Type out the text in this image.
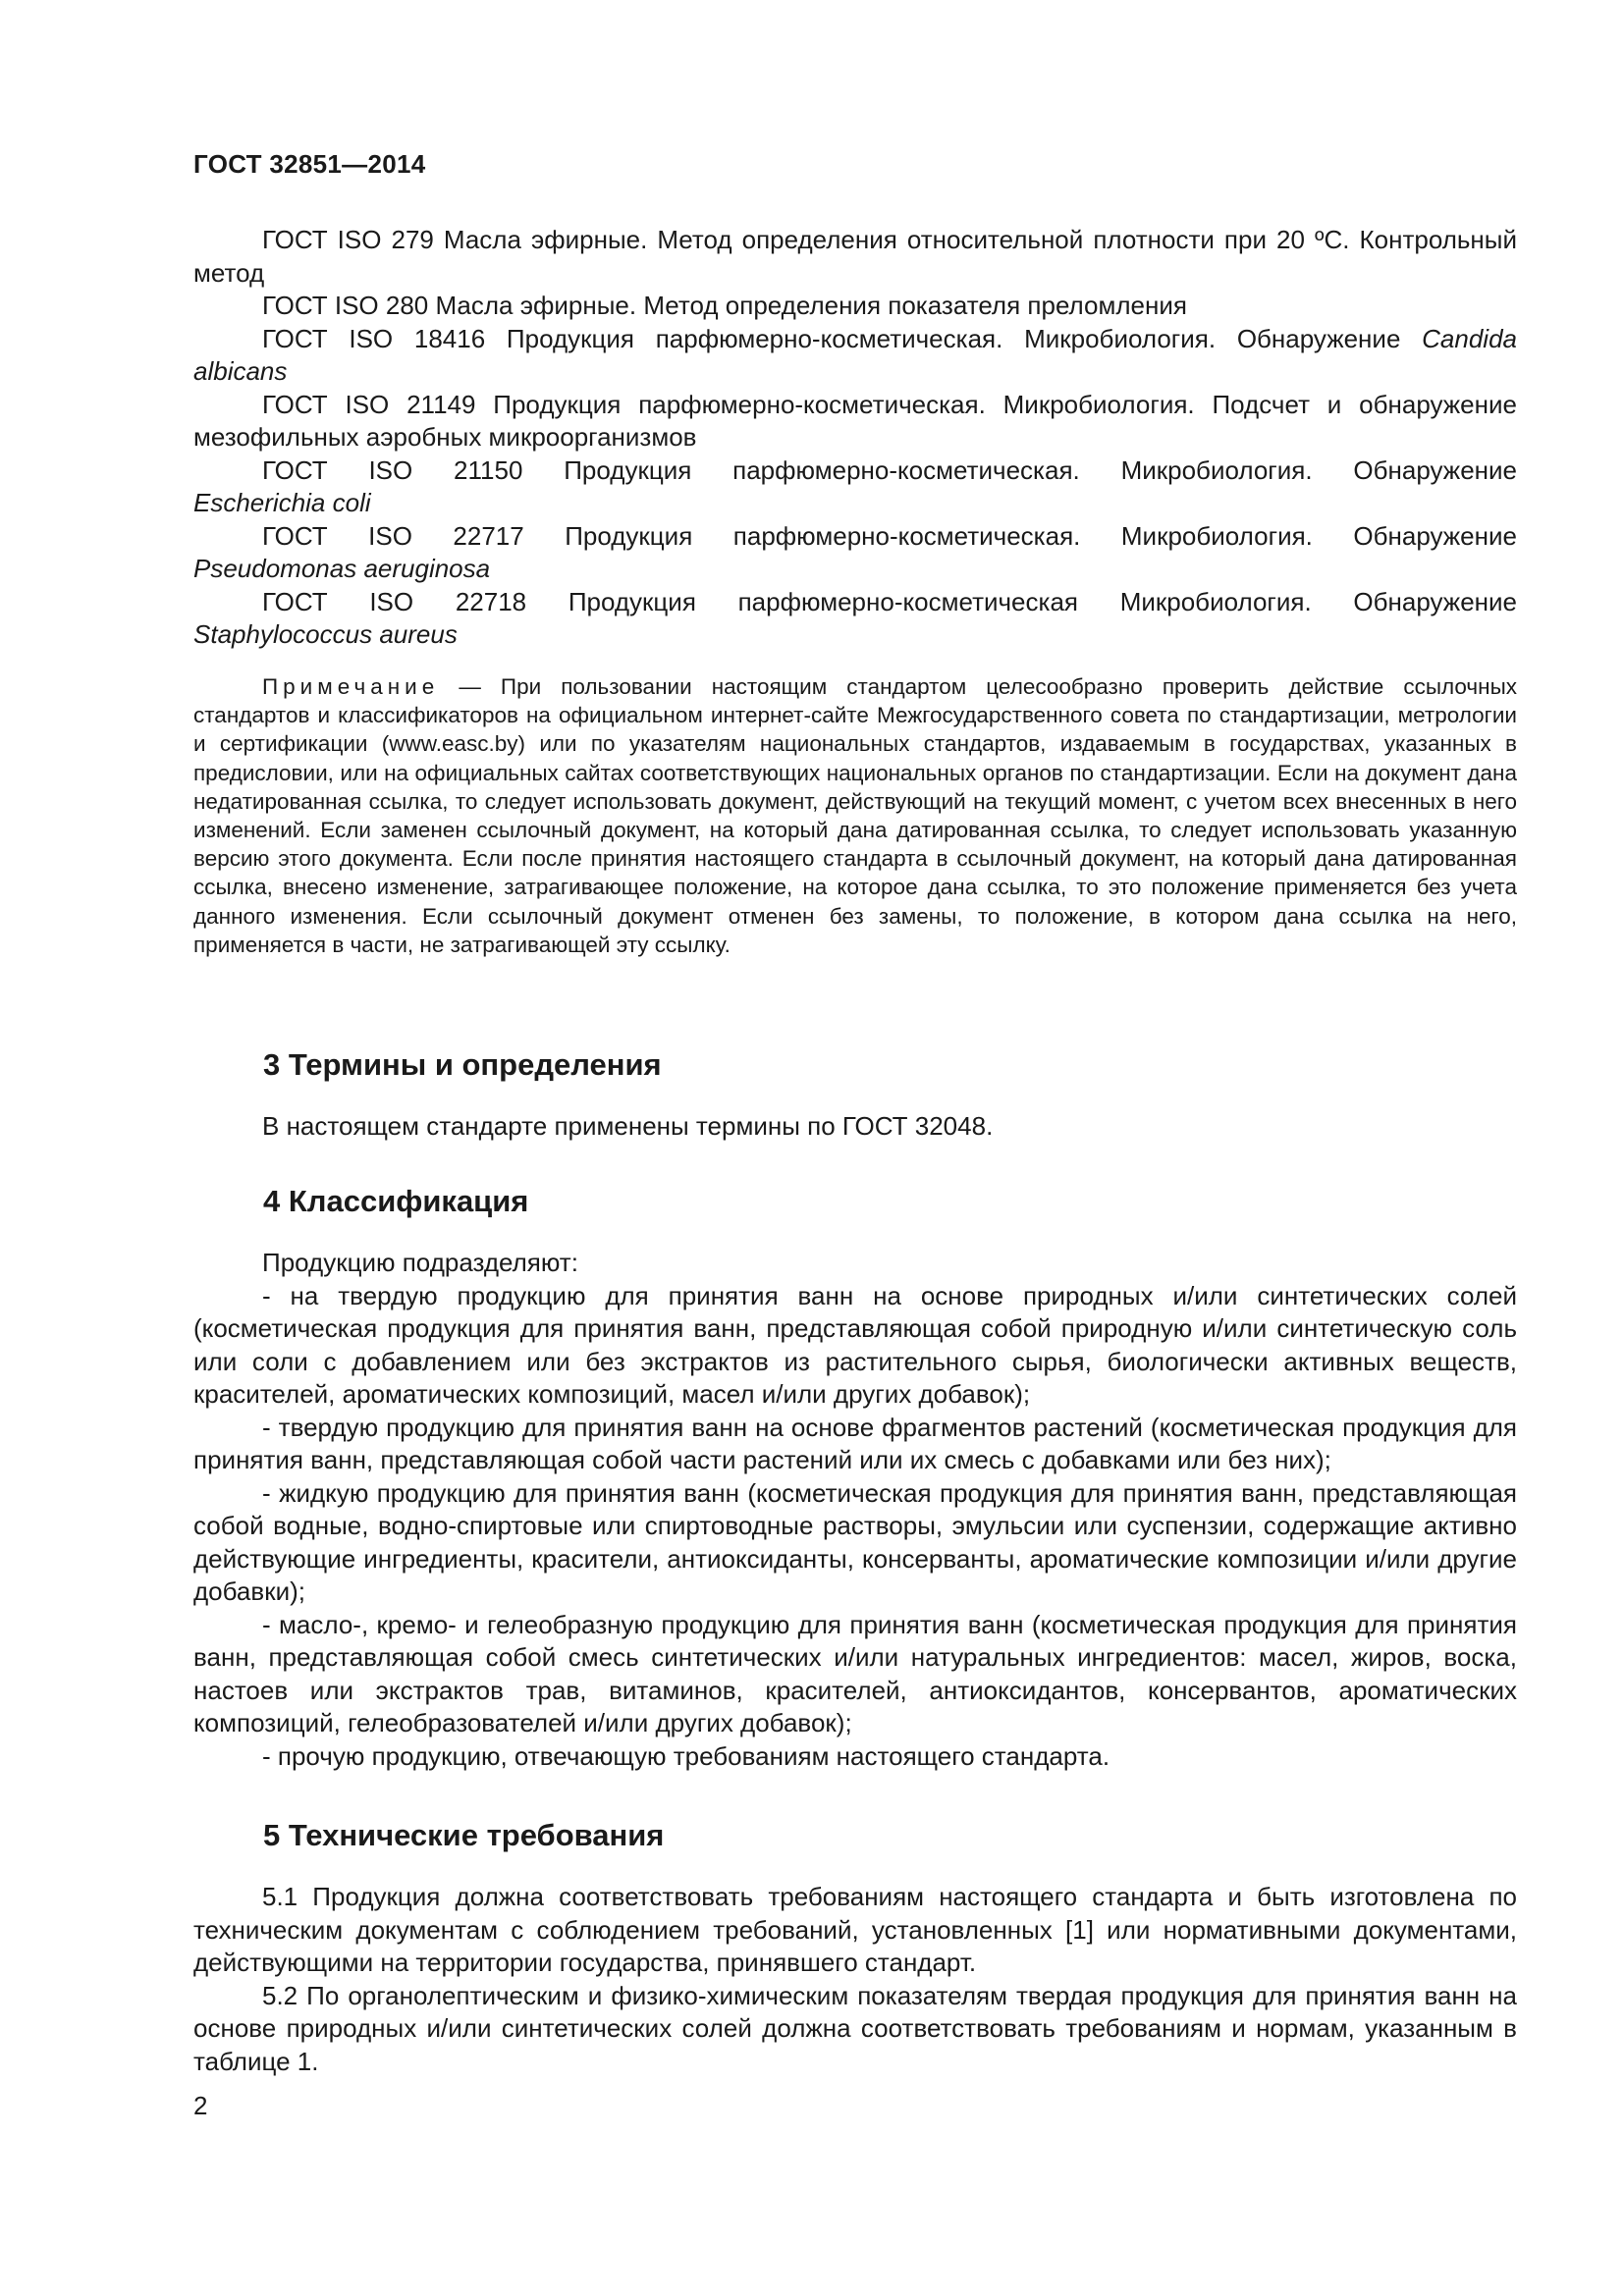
ГОСТ 32851—2014

ГОСТ ISO 279 Масла эфирные. Метод определения относительной плотности при 20 ºС. Контрольный метод

ГОСТ ISO 280 Масла эфирные. Метод определения показателя преломления

ГОСТ ISO 18416 Продукция парфюмерно-косметическая. Микробиология. Обнаружение Candida albicans

ГОСТ ISO 21149 Продукция парфюмерно-косметическая. Микробиология. Подсчет и обнаружение мезофильных аэробных микроорганизмов

ГОСТ ISO 21150 Продукция парфюмерно-косметическая. Микробиология. Обнаружение

Escherichia coli

ГОСТ ISO 22717 Продукция парфюмерно-косметическая. Микробиология. Обнаружение

Pseudomonas aeruginosa

ГОСТ ISO 22718 Продукция парфюмерно-косметическая Микробиология. Обнаружение

Staphylococcus aureus

Примечание — При пользовании настоящим стандартом целесообразно проверить действие ссылочных стандартов и классификаторов на официальном интернет-сайте Межгосударственного совета по стандартизации, метрологии и сертификации (www.easc.by) или по указателям национальных стандартов, издаваемым в государствах, указанных в предисловии, или на официальных сайтах соответствующих национальных органов по стандартизации. Если на документ дана недатированная ссылка, то следует использовать документ, действующий на текущий момент, с учетом всех внесенных в него изменений. Если заменен ссылочный документ, на который дана датированная ссылка, то следует использовать указанную версию этого документа. Если после принятия настоящего стандарта в ссылочный документ, на который дана датированная ссылка, внесено изменение, затрагивающее положение, на которое дана ссылка, то это положение применяется без учета данного изменения. Если ссылочный документ отменен без замены, то положение, в котором дана ссылка на него, применяется в части, не затрагивающей эту ссылку.

3 Термины и определения

В настоящем стандарте применены термины по ГОСТ 32048.

4 Классификация

Продукцию подразделяют:

- на твердую продукцию для принятия ванн на основе природных и/или синтетических солей (косметическая продукция для принятия ванн, представляющая собой природную и/или синтетическую соль или соли с добавлением или без экстрактов из растительного сырья, биологически активных веществ, красителей, ароматических композиций, масел и/или других добавок);

- твердую продукцию для принятия ванн на основе фрагментов растений (косметическая продукция для принятия ванн, представляющая собой части растений или их смесь с добавками или без них);

- жидкую продукцию для принятия ванн (косметическая продукция для принятия ванн, представляющая собой водные, водно-спиртовые или спиртоводные растворы, эмульсии или суспензии, содержащие активно действующие ингредиенты, красители, антиоксиданты, консерванты, ароматические композиции и/или другие добавки);

- масло-, кремо- и гелеобразную продукцию для принятия ванн (косметическая продукция для принятия ванн, представляющая собой смесь синтетических и/или натуральных ингредиентов: масел, жиров, воска, настоев или экстрактов трав, витаминов, красителей, антиоксидантов, консервантов, ароматических композиций, гелеобразователей и/или других добавок);

- прочую продукцию, отвечающую требованиям настоящего стандарта.

5 Технические требования

5.1 Продукция должна соответствовать требованиям настоящего стандарта и быть изготовлена по техническим документам с соблюдением требований, установленных [1] или нормативными документами, действующими на территории государства, принявшего стандарт.

5.2 По органолептическим и физико-химическим показателям твердая продукция для принятия ванн на основе природных и/или синтетических солей должна соответствовать требованиям и нормам, указанным в таблице 1.

2
